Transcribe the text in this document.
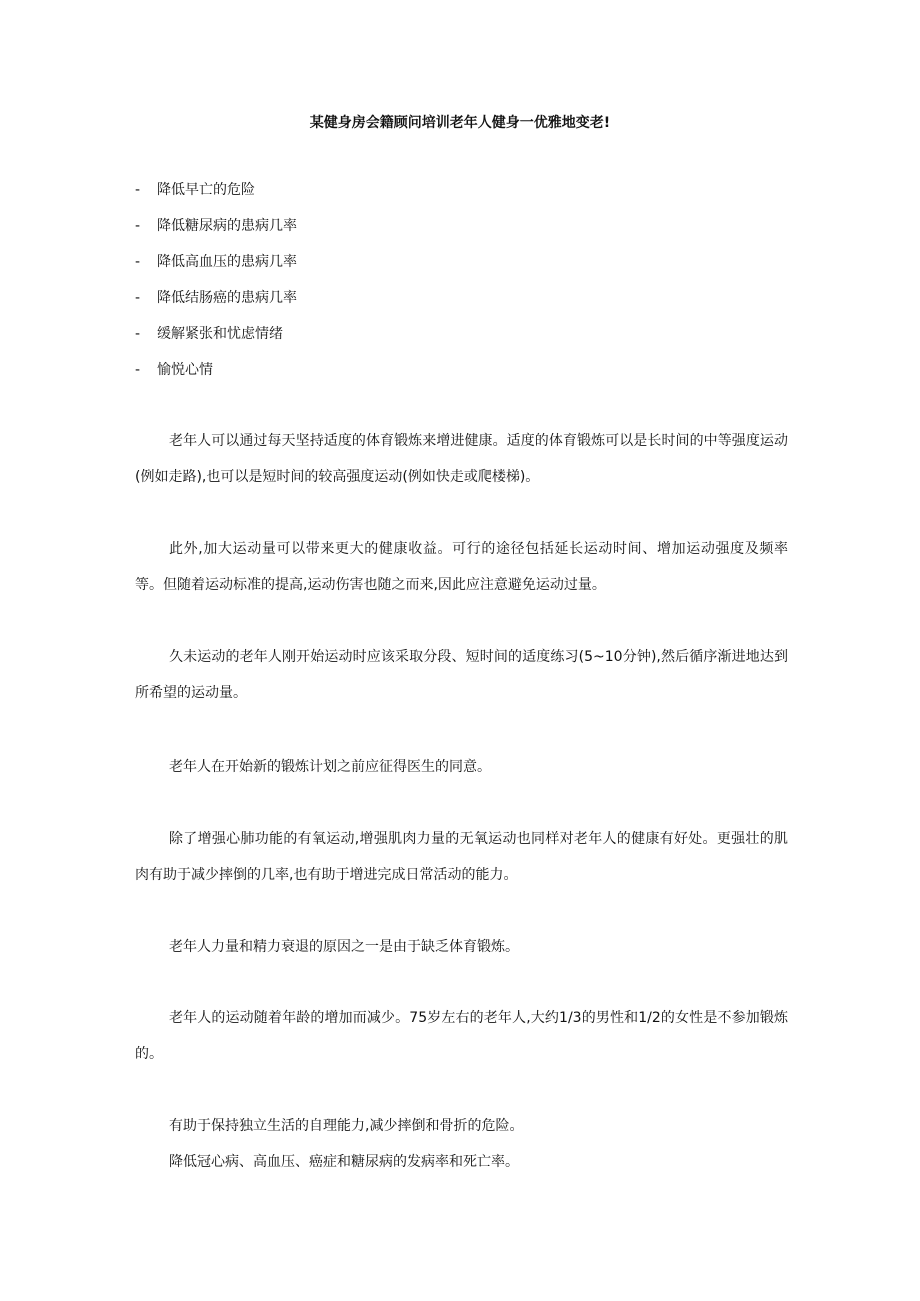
某健身房会籍顾问培训老年人健身一优雅地变老!
- 降低早亡的危险
- 降低糖尿病的患病几率
- 降低高血压的患病几率
- 降低结肠癌的患病几率
- 缓解紧张和忧虑情绪
- 愉悦心情

老年人可以通过每天坚持适度的体育锻炼来增进健康。适度的体育锻炼可以是长时间的中等强度运动(例如走路),也可以是短时间的较高强度运动(例如快走或爬楼梯)。

此外,加大运动量可以带来更大的健康收益。可行的途径包括延长运动时间、增加运动强度及频率等。但随着运动标准的提高,运动伤害也随之而来,因此应注意避免运动过量。

久未运动的老年人刚开始运动时应该采取分段、短时间的适度练习(5~10分钟),然后循序渐进地达到所希望的运动量。

老年人在开始新的锻炼计划之前应征得医生的同意。

除了增强心肺功能的有氧运动,增强肌肉力量的无氧运动也同样对老年人的健康有好处。更强壮的肌肉有助于减少摔倒的几率,也有助于增进完成日常活动的能力。

老年人力量和精力衰退的原因之一是由于缺乏体育锻炼。

老年人的运动随着年龄的增加而减少。75岁左右的老年人,大约1/3的男性和1/2的女性是不参加锻炼的。

有助于保持独立生活的自理能力,减少摔倒和骨折的危险。

降低冠心病、高血压、癌症和糖尿病的发病率和死亡率。
